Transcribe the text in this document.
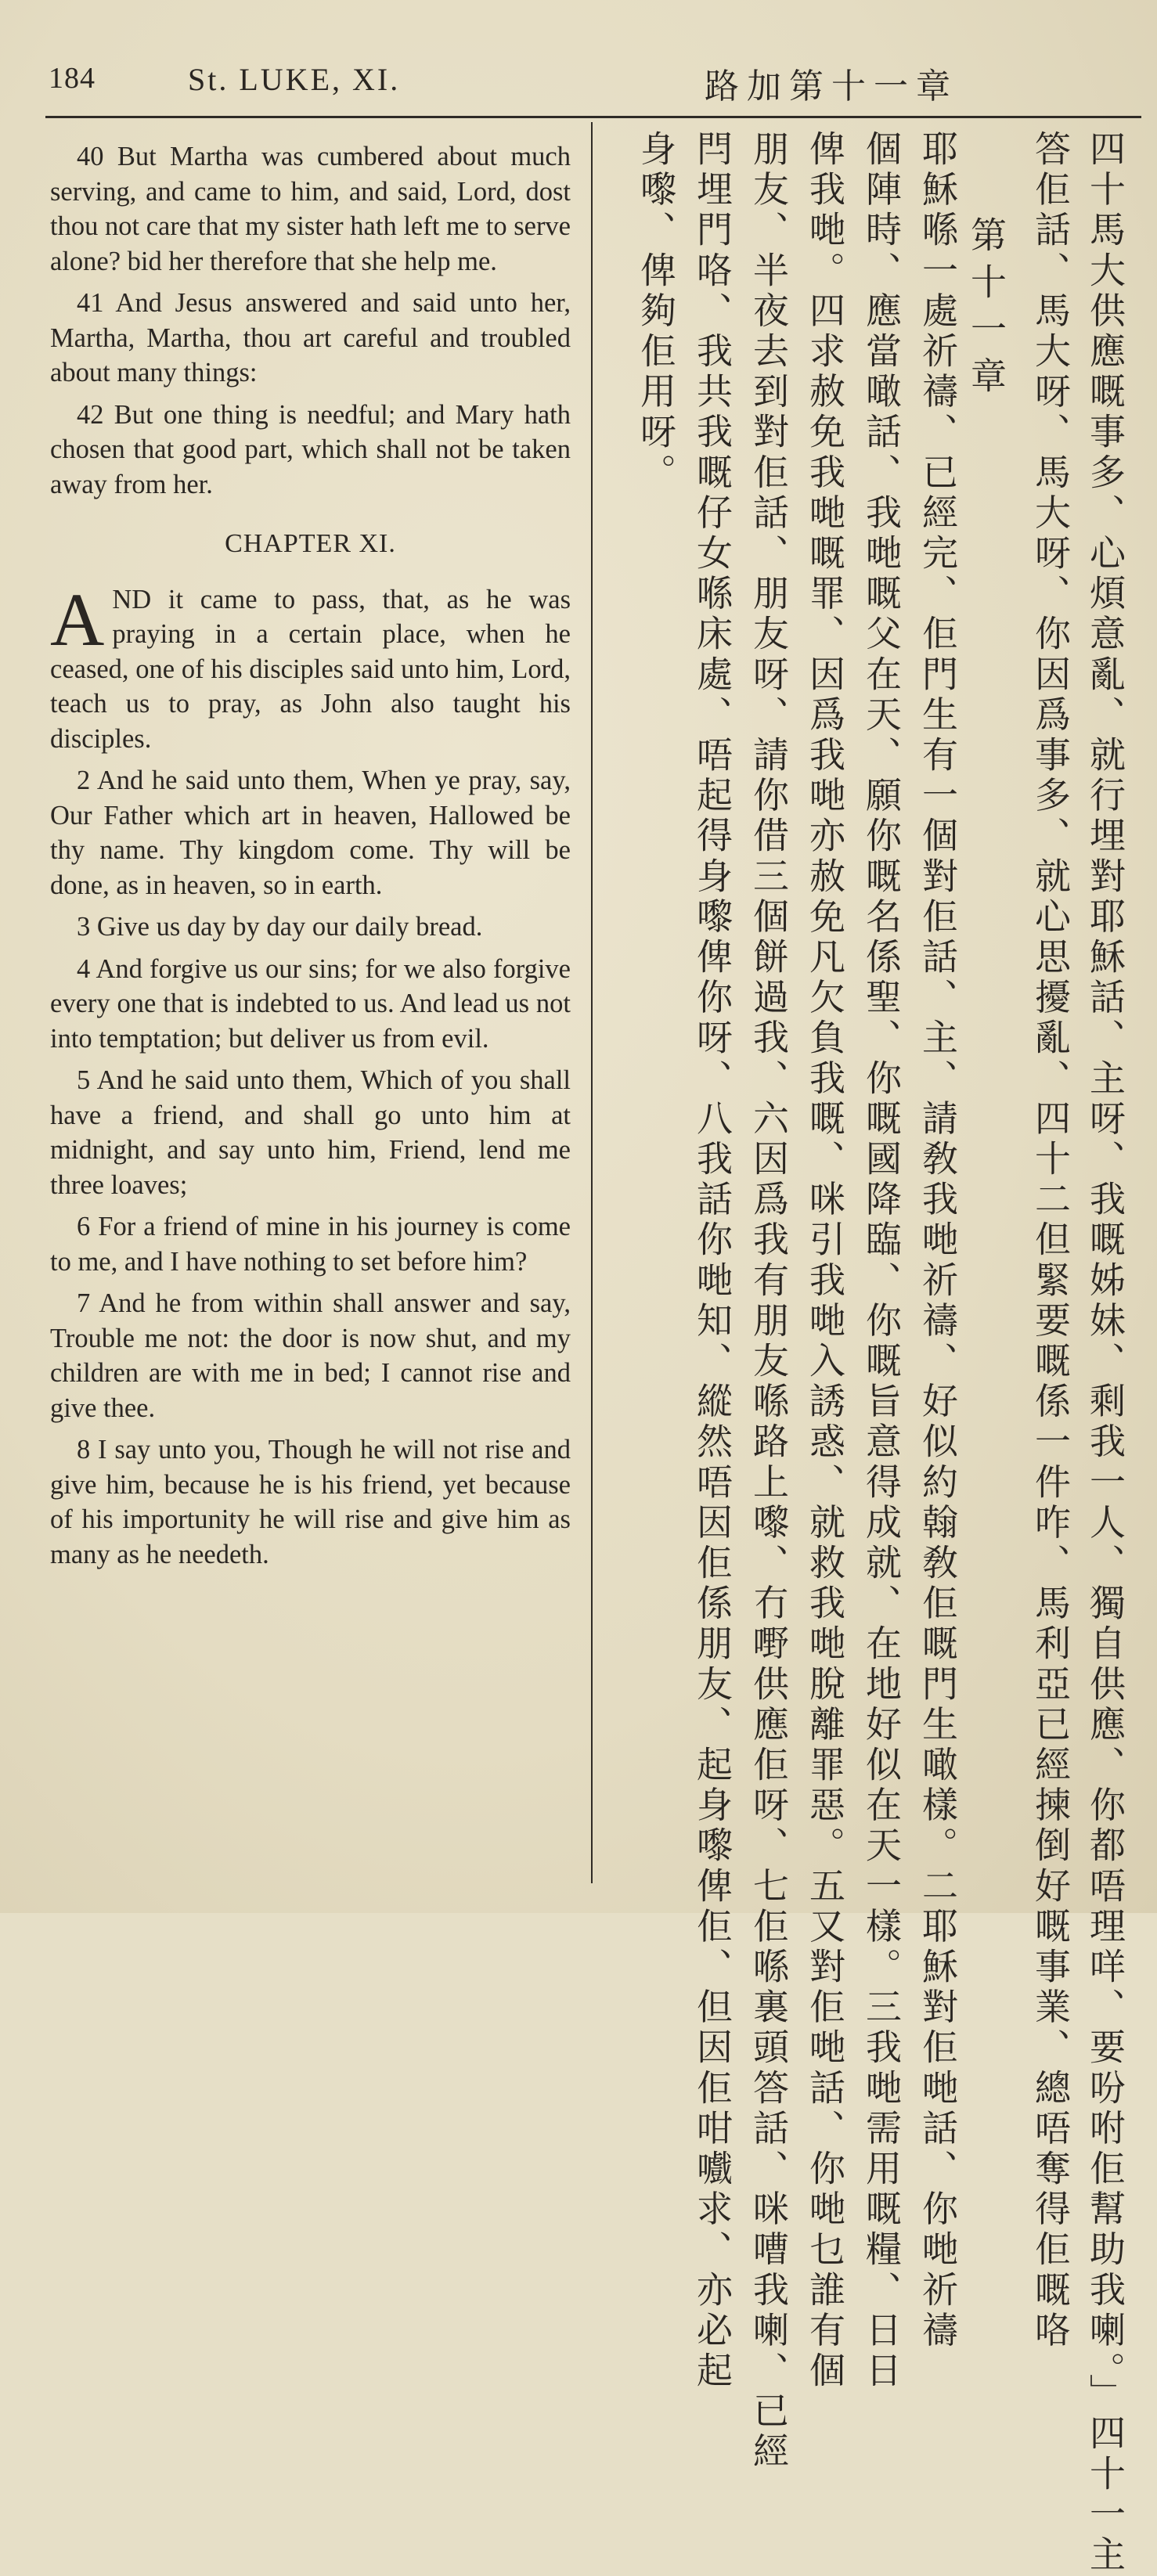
184	St. LUKE, XI.	路加第十一章

40 But Martha was cumbered about much serving, and came to him, and said, Lord, dost thou not care that my sister hath left me to serve alone? bid her therefore that she help me.

41 And Jesus answered and said unto her, Martha, Martha, thou art careful and troubled about many things:

42 But one thing is needful; and Mary hath chosen that good part, which shall not be taken away from her.

CHAPTER XI.

AND it came to pass, that, as he was praying in a certain place, when he ceased, one of his disciples said unto him, Lord, teach us to pray, as John also taught his disciples.

2 And he said unto them, When ye pray, say, Our Father which art in heaven, Hallowed be thy name. Thy kingdom come. Thy will be done, as in heaven, so in earth.

3 Give us day by day our daily bread.

4 And forgive us our sins; for we also forgive every one that is indebted to us. And lead us not into temptation; but deliver us from evil.

5 And he said unto them, Which of you shall have a friend, and shall go unto him at midnight, and say unto him, Friend, lend me three loaves;

6 For a friend of mine in his journey is come to me, and I have nothing to set before him?

7 And he from within shall answer and say, Trouble me not: the door is now shut, and my children are with me in bed; I cannot rise and give thee.

8 I say unto you, Though he will not rise and give him, because he is his friend, yet because of his importunity he will rise and give him as many as he needeth.	四十馬大供應嘅事多、心煩意亂、就行埋對耶穌話、主呀、我嘅姊妹、剩我一人、獨自供應、你都唔理咩、要吩咐佢幫助我喇。」四十一主
答佢話、馬大呀、馬大呀、你因爲事多、就心思擾亂、四十二但緊要嘅係一件咋、馬利亞已經揀倒好嘅事業、總唔奪得佢嘅咯
第十一章
耶穌喺一處祈禱、已經完、佢門生有一個對佢話、主、請敎我哋祈禱、好似約翰敎佢嘅門生噉樣。二耶穌對佢哋話、你哋祈禱
個陣時、應當噉話、我哋嘅父在天、願你嘅名係聖、你嘅國降臨、你嘅旨意得成就、在地好似在天一樣。三我哋需用嘅糧、日日
俾我哋。四求赦免我哋嘅罪、因爲我哋亦赦免凡欠負我嘅、咪引我哋入誘惑、就救我哋脫離罪惡。五又對佢哋話、你哋乜誰有個
朋友、半夜去到對佢話、朋友呀、請你借三個餅過我、六因爲我有朋友喺路上嚟、冇嘢供應佢呀、七佢喺裏頭答話、咪嘈我喇、已經
閂埋門咯、我共我嘅仔女喺床處、唔起得身嚟俾你呀、八我話你哋知、縱然唔因佢係朋友、起身嚟俾佢、但因佢咁嚱求、亦必起
身嚟、俾夠佢用呀。
